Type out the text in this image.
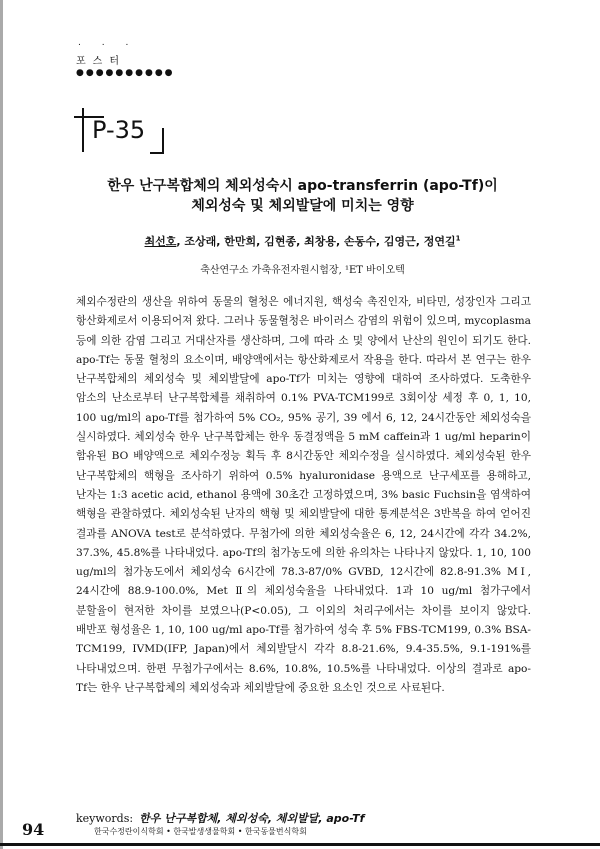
. . .
포스터
●●●●●●●●●●
P-35
한우 난구복합체의 체외성숙시 apo-transferrin (apo-Tf)이
체외성숙 및 체외발달에 미치는 영향
최선호, 조상래, 한만희, 김현종, 최창용, 손동수, 김영근, 정연길$^1$
축산연구소 가축유전자원시험장, ¹ET 바이오텍
체외수정란의 생산을 위하여 동물의 혈청은 에너지원, 핵성숙 촉진인자, 비타민, 성장인자 그리고 항산화제로서 이용되어져 왔다. 그러나 동물혈청은 바이러스 감염의 위험이 있으며, mycoplasma 등에 의한 감염 그리고 거대산자를 생산하며, 그에 따라 소 및 양에서 난산의 원인이 되기도 한다. apo-Tf는 동물 혈청의 요소이며, 배양액에서는 항산화제로서 작용을 한다. 따라서 본 연구는 한우 난구복합체의 체외성숙 및 체외발달에 apo-Tf가 미치는 영향에 대하여 조사하였다. 도축한우 암소의 난소로부터 난구복합체를 채취하여 0.1% PVA-TCM199로 3회이상 세정 후 0, 1, 10, 100 ug/ml의 apo-Tf를 첨가하여 5% CO₂, 95% 공기, 39 에서 6, 12, 24시간동안 체외성숙을 실시하였다. 체외성숙 한우 난구복합체는 한우 동결정액을 5 mM caffein과 1 ug/ml heparin이 함유된 BO 배양액으로 체외수정능 획득 후 8시간동안 체외수정을 실시하였다. 체외성숙된 한우 난구복합체의 핵형을 조사하기 위하여 0.5% hyaluronidase 용액으로 난구세포를 용해하고, 난자는 1:3 acetic acid, ethanol 용액에 30초간 고정하였으며, 3% basic Fuchsin을 염색하여 핵형을 관찰하였다. 체외성숙된 난자의 핵형 및 체외발달에 대한 통계분석은 3반복을 하여 얻어진 결과를 ANOVA test로 분석하였다. 무첨가에 의한 체외성숙율은 6, 12, 24시간에 각각 34.2%, 37.3%, 45.8%를 나타내었다. apo-Tf의 첨가농도에 의한 유의차는 나타나지 않았다. 1, 10, 100 ug/ml의 첨가농도에서 체외성숙 6시간에 78.3-87/0% GVBD, 12시간에 82.8-91.3% MⅠ, 24시간에 88.9-100.0%, Met Ⅱ의 체외성숙율을 나타내었다. 1과 10 ug/ml 첨가구에서 분할율이 현저한 차이를 보였으나(P<0.05), 그 이외의 처리구에서는 차이를 보이지 않았다. 배반포 형성율은 1, 10, 100 ug/ml apo-Tf를 첨가하여 성숙 후 5% FBS-TCM199, 0.3% BSA-TCM199, IVMD(IFP, Japan)에서 체외발달시 각각 8.8-21.6%, 9.4-35.5%, 9.1-191%를 나타내었으며. 한편 무첨가구에서는 8.6%, 10.8%, 10.5%를 나타내었다. 이상의 결과로 apo-Tf는 한우 난구복합체의 체외성숙과 체외발달에 중요한 요소인 것으로 사료된다.
keywords: 한우 난구복합체, 체외성숙, 체외발달, apo-Tf
94	한국수정란이식학회 • 한국발생생물학회 • 한국동물번식학회
